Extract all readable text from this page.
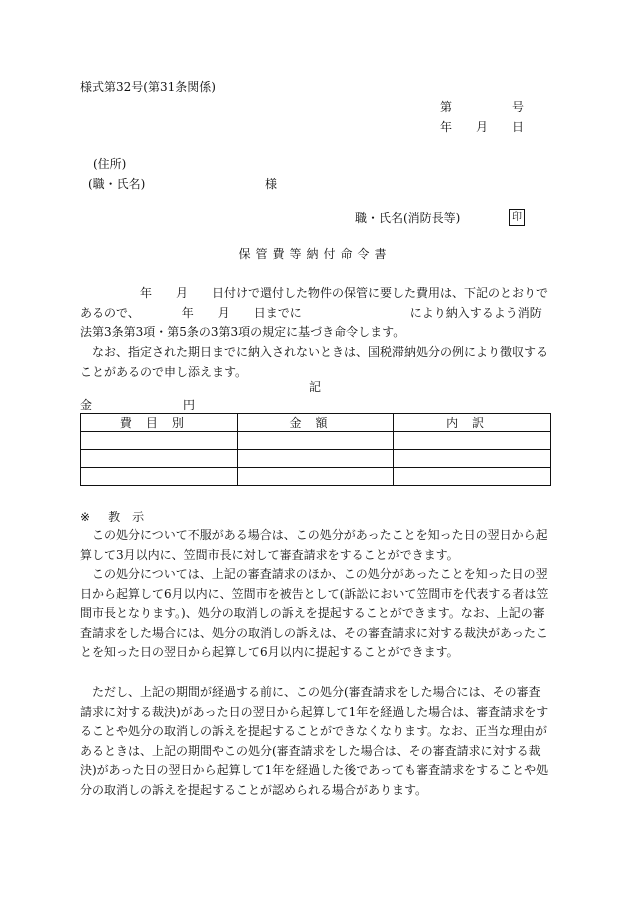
様式第32号(第31条関係)
第　　　　　号
年　　月　　日
(住所)
(職・氏名)	様
職・氏名(消防長等)	印
保管費等納付命令書

　　　　　年　　月　　日付けで還付した物件の保管に要した費用は、下記のとおりであるので、　　　　年　　月　　日までに　　　　　　　　　により納入するよう消防法第3条第3項・第5条の3第3項の規定に基づき命令します。

なお、指定された期日までに納入されないときは、国税滞納処分の例により徴収することがあるので申し添えます。

記
金	円
費目別	金額	内訳

※ 教示

この処分について不服がある場合は、この処分があったことを知った日の翌日から起算して3月以内に、笠間市長に対して審査請求をすることができます。

この処分については、上記の審査請求のほか、この処分があったことを知った日の翌日から起算して6月以内に、笠間市を被告として(訴訟において笠間市を代表する者は笠間市長となります。)、処分の取消しの訴えを提起することができます。なお、上記の審査請求をした場合には、処分の取消しの訴えは、その審査請求に対する裁決があったことを知った日の翌日から起算して6月以内に提起することができます。

ただし、上記の期間が経過する前に、この処分(審査請求をした場合には、その審査請求に対する裁決)があった日の翌日から起算して1年を経過した場合は、審査請求をすることや処分の取消しの訴えを提起することができなくなります。なお、正当な理由があるときは、上記の期間やこの処分(審査請求をした場合は、その審査請求に対する裁決)があった日の翌日から起算して1年を経過した後であっても審査請求をすることや処分の取消しの訴えを提起することが認められる場合があります。
